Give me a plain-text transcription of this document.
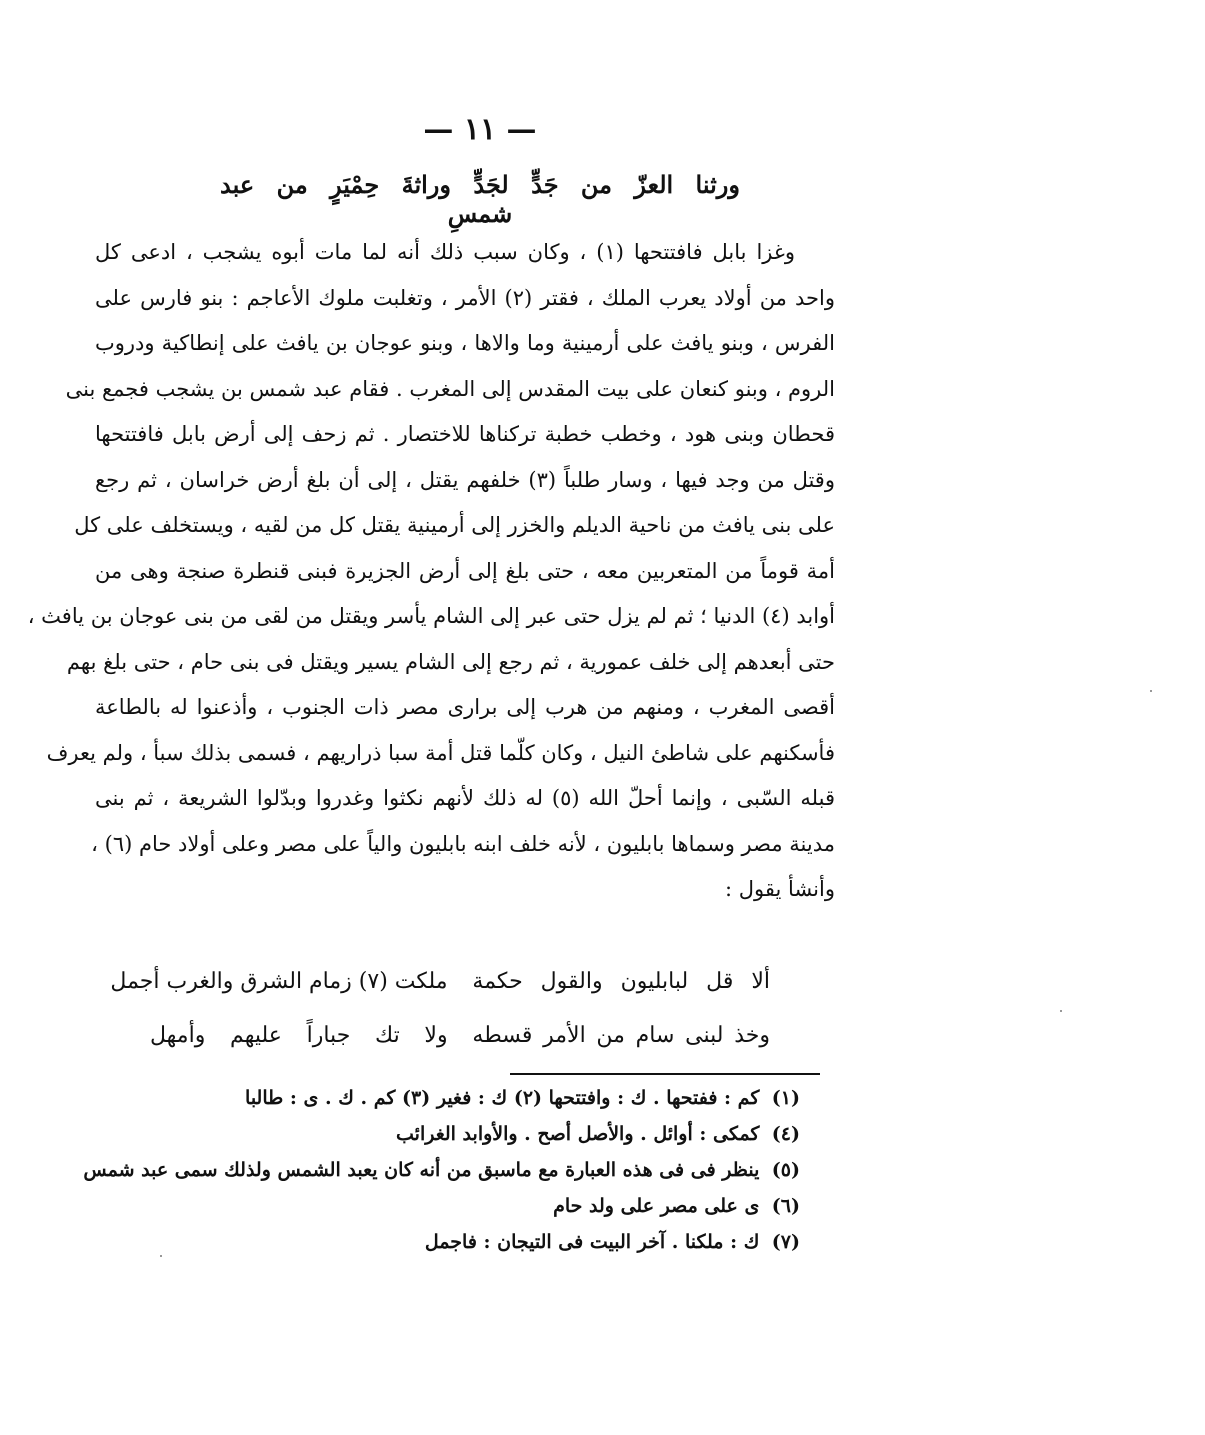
— ١١ —
ورثنا العزّ من جَدٍّ لجَدٍّ وراثةَ حِمْيَرٍ من عبد شمسِ
وغزا بابل فافتتحها (١) ، وكان سبب ذلك أنه لما مات أبوه يشجب ، ادعى كل
واحد من أولاد يعرب الملك ، فقتر (٢) الأمر ، وتغلبت ملوك الأعاجم : بنو فارس على
الفرس ، وبنو يافث على أرمينية وما والاها ، وبنو عوجان بن يافث على إنطاكية ودروب
الروم ، وبنو كنعان على بيت المقدس إلى المغرب . فقام عبد شمس بن يشجب فجمع بنى
قحطان وبنى هود ، وخطب خطبة تركناها للاختصار . ثم زحف إلى أرض بابل فافتتحها
وقتل من وجد فيها ، وسار طلباً (٣) خلفهم يقتل ، إلى أن بلغ أرض خراسان ، ثم رجع
على بنى يافث من ناحية الديلم والخزر إلى أرمينية يقتل كل من لقيه ، ويستخلف على كل
أمة قوماً من المتعربين معه ، حتى بلغ إلى أرض الجزيرة فبنى قنطرة صنجة وهى من
أوابد (٤) الدنيا ؛ ثم لم يزل حتى عبر إلى الشام يأسر ويقتل من لقى من بنى عوجان بن يافث ،
حتى أبعدهم إلى خلف عمورية ، ثم رجع إلى الشام يسير ويقتل فى بنى حام ، حتى بلغ بهم
أقصى المغرب ، ومنهم من هرب إلى برارى مصر ذات الجنوب ، وأذعنوا له بالطاعة
فأسكنهم على شاطئ النيل ، وكان كلّما قتل أمة سبا ذراريهم ، فسمى بذلك سبأ ، ولم يعرف
قبله السّبى ، وإنما أحلّ الله (٥) له ذلك لأنهم نكثوا وغدروا وبدّلوا الشريعة ، ثم بنى
مدينة مصر وسماها بابليون ، لأنه خلف ابنه بابليون والياً على مصر وعلى أولاد حام (٦) ،
وأنشأ يقول :
ألا قل لبابليون والقول حكمة
ملكت (٧) زمام الشرق والغرب أجمل
وخذ لبنى سام من الأمر قسطه
ولا تك جباراً عليهم وأمهل
(١) كم : ففتحها . ك : وافتتحها (٢) ك : فغير (٣) كم . ك . ى : طالبا
(٤) كمكى : أوائل . والأصل أصح . والأوابد الغرائب
(٥) ينظر فى فى هذه العبارة مع ماسبق من أنه كان يعبد الشمس ولذلك سمى عبد شمس
(٦) ى على مصر على ولد حام
(٧) ك : ملكنا . آخر البيت فى التيجان : فاجمل
